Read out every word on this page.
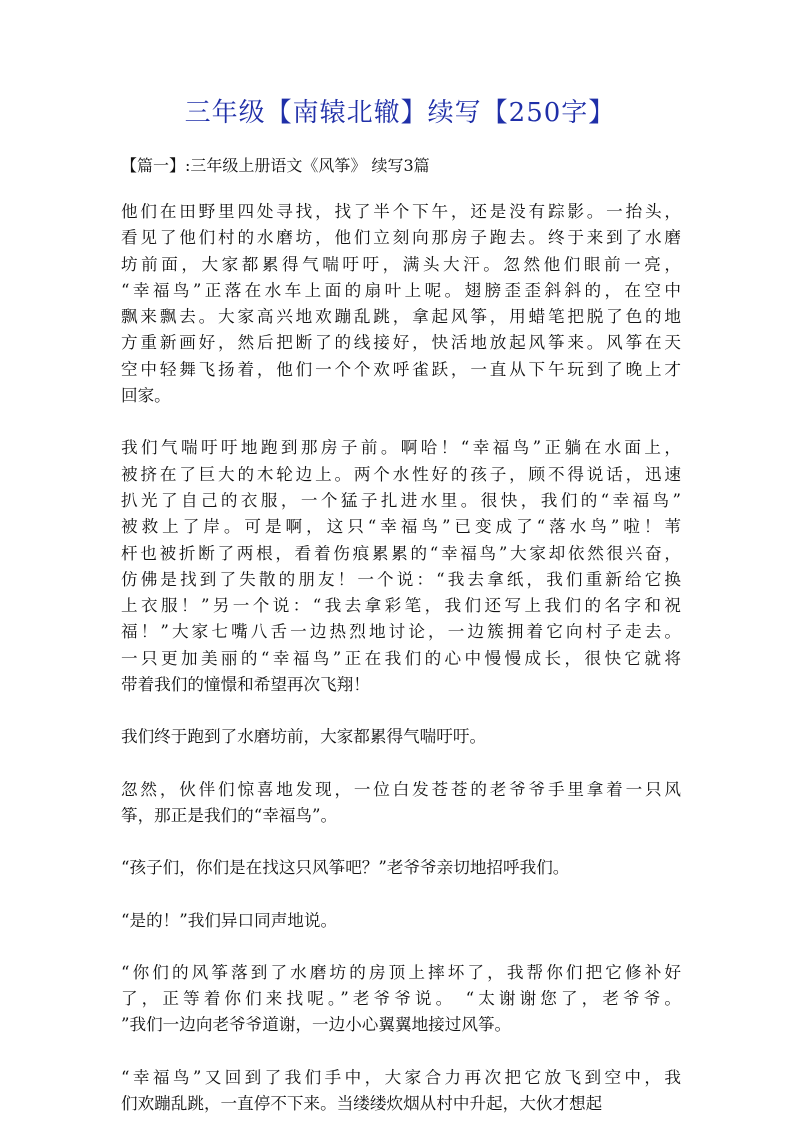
三年级【南辕北辙】续写【250字】
【篇一】:三年级上册语文《风筝》 续写3篇
他们在田野里四处寻找，找了半个下午，还是没有踪影。一抬头，
看见了他们村的水磨坊，他们立刻向那房子跑去。终于来到了水磨
坊前面，大家都累得气喘吁吁，满头大汗。忽然他们眼前一亮，
“幸福鸟”正落在水车上面的扇叶上呢。翅膀歪歪斜斜的，在空中
飘来飘去。大家高兴地欢蹦乱跳，拿起风筝，用蜡笔把脱了色的地
方重新画好，然后把断了的线接好，快活地放起风筝来。风筝在天
空中轻舞飞扬着，他们一个个欢呼雀跃，一直从下午玩到了晚上才
回家。
我们气喘吁吁地跑到那房子前。啊哈！“幸福鸟”正躺在水面上，
被挤在了巨大的木轮边上。两个水性好的孩子，顾不得说话，迅速
扒光了自己的衣服，一个猛子扎进水里。很快，我们的“幸福鸟”
被救上了岸。可是啊，这只“幸福鸟”已变成了“落水鸟”啦！苇
杆也被折断了两根，看着伤痕累累的“幸福鸟”大家却依然很兴奋，
仿佛是找到了失散的朋友！一个说：“我去拿纸，我们重新给它换
上衣服！”另一个说：“我去拿彩笔，我们还写上我们的名字和祝
福！”大家七嘴八舌一边热烈地讨论，一边簇拥着它向村子走去。
一只更加美丽的“幸福鸟”正在我们的心中慢慢成长，很快它就将
带着我们的憧憬和希望再次飞翔！
我们终于跑到了水磨坊前，大家都累得气喘吁吁。
忽然，伙伴们惊喜地发现，一位白发苍苍的老爷爷手里拿着一只风
筝，那正是我们的“幸福鸟”。
“孩子们，你们是在找这只风筝吧？”老爷爷亲切地招呼我们。
“是的！”我们异口同声地说。
“你们的风筝落到了水磨坊的房顶上摔坏了，我帮你们把它修补好
了，正等着你们来找呢。”老爷爷说。 “太谢谢您了，老爷爷。
”我们一边向老爷爷道谢，一边小心翼翼地接过风筝。
“幸福鸟”又回到了我们手中，大家合力再次把它放飞到空中，我
们欢蹦乱跳，一直停不下来。当缕缕炊烟从村中升起，大伙才想起
